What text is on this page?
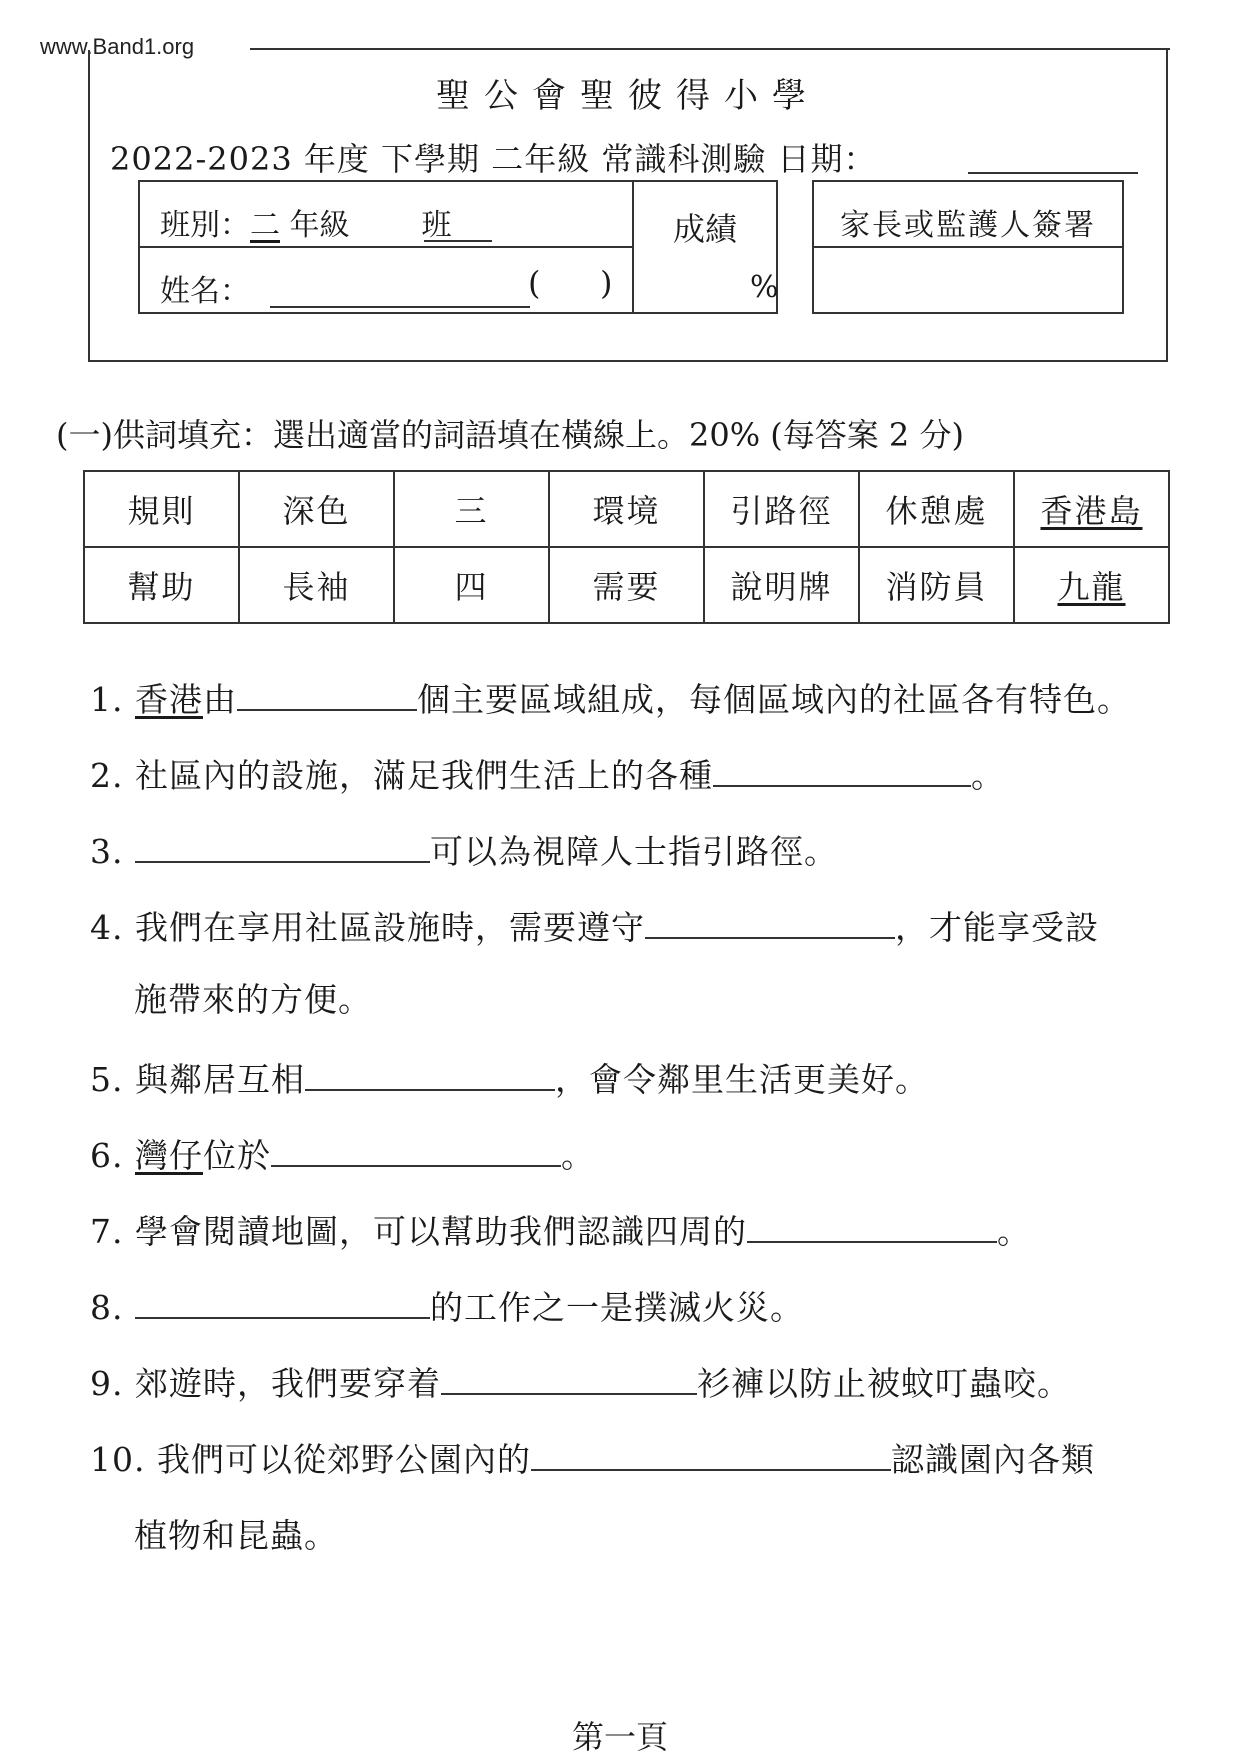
www.Band1.org
聖公會聖彼得小學
2022-2023 年度 下學期 二年級 常識科測驗 日期：
班別：二 年級 班
姓名：	( )
成績
%
家長或監護人簽署
(一)供詞填充：選出適當的詞語填在橫線上。20% (每答案 2 分)
規則	深色	三	環境	引路徑	休憩處	香港島
幫助	長袖	四	需要	說明牌	消防員	九龍
1. 香港由	個主要區域組成，每個區域內的社區各有特色。
2. 社區內的設施，滿足我們生活上的各種	。
3.	可以為視障人士指引路徑。
4. 我們在享用社區設施時，需要遵守	，才能享受設
施帶來的方便。
5. 與鄰居互相	，會令鄰里生活更美好。
6. 灣仔位於	。
7. 學會閱讀地圖，可以幫助我們認識四周的	。
8.	的工作之一是撲滅火災。
9. 郊遊時，我們要穿着	衫褲以防止被蚊叮蟲咬。
10. 我們可以從郊野公園內的	認識園內各類
植物和昆蟲。
第一頁
